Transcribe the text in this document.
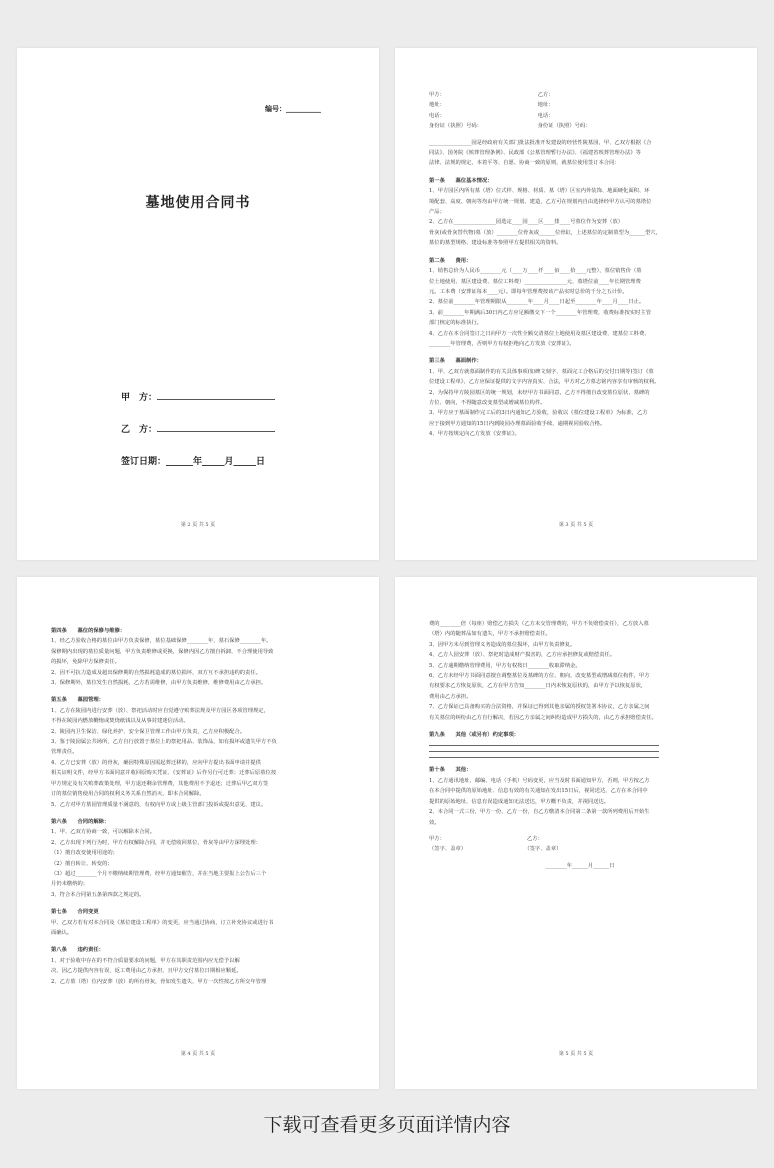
编号：__________
墓地使用合同书
甲　方：
乙　方：
签订日期：______年_____月_____日
第 2 页 共 5 页
甲方：　　　　　　　　　　　　　　　　　　乙方：
地址：　　　　　　　　　　　　　　　　　　地址：
电话：　　　　　　　　　　　　　　　　　　电话：
身份证（执照）号码：　　　　　　　　　　　身份证（执照）号码：
________________园是经政府有关部门批法批准开发建设的经营性陵墓园，甲、乙双方根据《合
同法》、国务院《殡葬管理条例》、民政部《公墓管理暂行办法》、《福建省殡葬管理办法》等
法律、法规的规定，本着平等、自愿、协商一致的原则，就墓位使用签订本合同：
第一条　　墓位基本情况：
1、甲方园区内所有墓（塔）位式样、规格、材质、墓（塔）区室内外装饰、地面硬化面积、环
境配套、高度、朝向等均由甲方统一规划、建造，乙方可在规划内自由选择经甲方认可的墓塔位
产品；
2、乙方在________________园选定____园____区____排____号墓位作为安葬（放）
骨灰(或骨灰替代物)墓（放）________位骨灰或______位骨缸，上述墓位的定制墓型为______型穴，
墓位的墓型规格、建设标准等参照甲方提供相关的资料。
第二条　　费用：
1、销售总价为人民币________元（____万____仟____佰____拾____元整），墓位销售价（墓
位土地使用、墓区建设费、墓位工料费）________________元、墓塔位前____年长期管理费
元。工本费（安葬证每本____元）。即每年管理费按该产品实时总价的千分之五计价。
2、墓位前________年管理期限从________年____月____日起至________年____月____日止。
3、前________年期满后30日内乙方应足额缴交下一个________年管理费，收费标准按实时主管
部门核定的标准执行。
4、乙方在本合同签订之日向甲方一次性全额交清墓位土地使用及墓区建设费、建墓位工料费、
________年管理费，否则甲方有权拒绝向乙方发放《安葬证》。
第三条　　墓面制作：
1、甲、乙双方就墓面制作的有关具体事项(如碑文刻字、墓面完工合格后的交付日期等)签订《墓
位建设工程单》，乙方应保证提供的文字内容真实、合法，甲方对乙方墓志铭内容享有审核的权利。
2、为保持甲方陵园墓区的统一规划，未经甲方书面同意，乙方不得擅自改变墓位原状、墓碑的
方位、朝向，不得随意改变墓型或增减墓位构件。
3、甲方应于墓面制作完工后的3日内通知乙方验收，验收以《墓位建设工程单》为标准，乙方
应于接到甲方通知的15日内到陵园办理墓面验收手续，逾期视同验收合格。
4、甲方按规定向乙方发放《安葬证》。
第 3 页 共 5 页
第四条　　墓位的保修与维修：
1、经乙方验收合格的墓位由甲方负责保修，墓位基础保修________年，墓石保修________年。
保修期内出现的墓位质量问题，甲方负责维修或更换，保修内因乙方擅自拆卸，不合理使用导致
的损坏，免除甲方保修责任。
2、因不可抗力造成及超出保修期的自然损耗造成的墓位损坏，双方互不承担违约的责任。
3、保修期外，墓位发生自然损耗，乙方若需维修，由甲方负责维修，维修费用由乙方承担。
第五条　　墓园管理：
1、乙方在陵园内进行安葬（放）、祭祀活动时应自觉遵守殡葬法规及甲方园区各项管理规定，
不得在陵园内燃放鞭炮或焚烧纸钱以及从事封建迷信活动。
2、陵园内卫生保洁、绿化养护、安全保卫管理工作由甲方负责，乙方应积极配合。
3、鉴于陵园属公共场所，乙方自行放置于墓位上的祭祀用品、装饰品，如有损坏或遗失甲方不负
管理责任。
4、乙方已安葬（放）的骨灰，确因特殊原因需起葬迁移的，应向甲方提出书面申请并提供
相关证明文件，经甲方书面同意并收回原购买凭证、《安葬证》后作另行可迁葬；迁葬后原墓位按
甲方规定及有关殡葬政策处理，甲方退还剩余管理费，其他费用不予退还；迁葬后甲乙双方签
订的墓位销售使用合同的权利义务关系自然消灭，即本合同解除。
5、乙方对甲方墓园管理质量不满意的，有权向甲方或上级主管部门投诉或提出意见、建议。
第六条　　合同的解除：
1、甲、乙双方协商一致，可以解除本合同。
2、乙方出现下列行为时，甲方有权解除合同，并无偿收回墓位，骨灰等由甲方深埋处理：
（1）擅自改变使用用途的；
（2）擅自转让、转变的；
（3）超过________个月不缴纳续期管理费，经甲方通知催告，并在当地主要报上公告后三个
月仍未缴纳的；
3、符合本合同第五条第四款之规定的。
第七条　　合同变更
甲、乙双方若有对本合同及《墓位建设工程单》的变更，应当通过协商，订立补充协议或进行书
面确认。
第八条　　违约责任：
1、对于验收中存在的不符合质量要求的问题，甲方在其职责范围内应无偿予以解
决，因乙方提供内容有误，返工费用由乙方承担，且甲方交付墓位日期相应顺延。
2、乙方墓（塔）位内安葬（放）的所有骨灰，骨如发生遗失，甲方一次性按乙方所交年管理
第 4 页 共 5 页
费的________倍（每座）赔偿乙方损失（乙方未交管理费的，甲方不负赔偿责任），乙方放入墓
（塔）内的随葬品如有遗失，甲方不承担赔偿责任。
3、因甲方未尽到管理义务造成的墓位损坏，由甲方负责修复。
4、乙方人园安葬（放）、祭祀时造成财产损害的，乙方应承担修复或赔偿责任。
5、乙方逾期缴纳管理费用，甲方有权按日________收取滞纳金。
6、乙方未经甲方书面同意擅自调整墓位及墓碑的方位、朝向，改变墓型或增减墓位构件，甲方
有权要求乙方恢复原状，乙方在甲方告知________日内未恢复原状的，由甲方予以恢复原状，
费用由乙方承担。
7、乙方保证已具备购买的合法资格，并保证已得到其他亲属的授权签署本协议，乙方亲属之间
有关墓位的纠纷由乙方自行解决，若因乙方亲属之间纠纷造成甲方损失的，由乙方承担赔偿责任。
第九条　　其他（或另有）约定事项：
第十条　　其他：
1、乙方通讯地址、邮编、电话（手机）号码变更，应当及时书面通知甲方，否则，甲方按乙方
在本合同中提供的原始地址、信息有效的有关通知在发出15日后，视同送达，乙方在本合同中
提供的原始地址，信息有误造成通知无法送达，甲方概不负责，并视同送达。
2、本合同一式三份，甲方一份、乙方一份，自乙方缴清本合同第二条第一款所列费用后开始生
效。
甲方：　　　　　　　　　　　　　　　　乙方：
（签字、盖章）　　　　　　　　　　　　（签字、盖章）
　　　　　　　　　　　　　　　　　　　　　　________年______月______日
第 5 页 共 5 页
下载可查看更多页面详情内容
